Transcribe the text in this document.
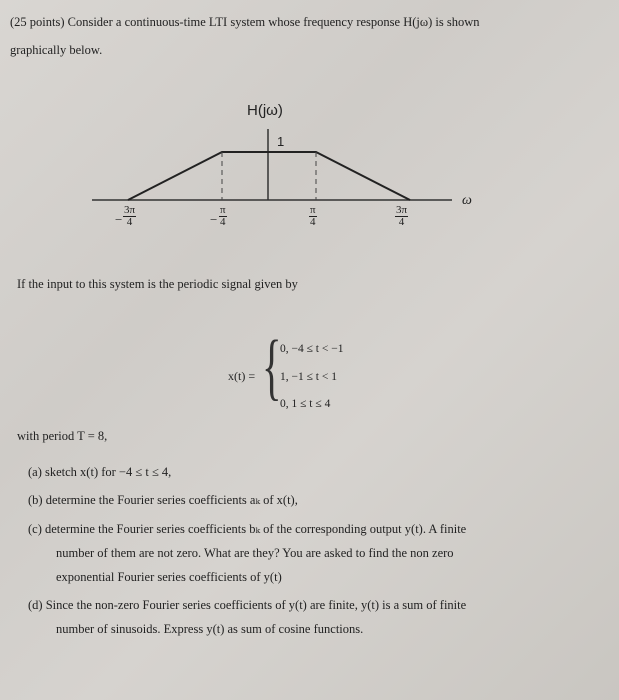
(25 points) Consider a continuous-time LTI system whose frequency response H(jω) is shown
graphically below.
H(jω)
1
ω
− $\frac{3\pi}{4}$	− $\frac{\pi}{4}$	$\frac{\pi}{4}$	$\frac{3\pi}{4}$
If the input to this system is the periodic signal given by
x(t) = {
0, −4 ≤ t < −1
1, −1 ≤ t < 1
0, 1 ≤ t ≤ 4
with period T = 8,
(a) sketch x(t) for −4 ≤ t ≤ 4,
(b) determine the Fourier series coefficients aₖ of x(t),
(c) determine the Fourier series coefficients bₖ of the corresponding output y(t). A finite
number of them are not zero. What are they? You are asked to find the non zero
exponential Fourier series coefficients of y(t)
(d) Since the non-zero Fourier series coefficients of y(t) are finite, y(t) is a sum of finite
number of sinusoids. Express y(t) as sum of cosine functions.
